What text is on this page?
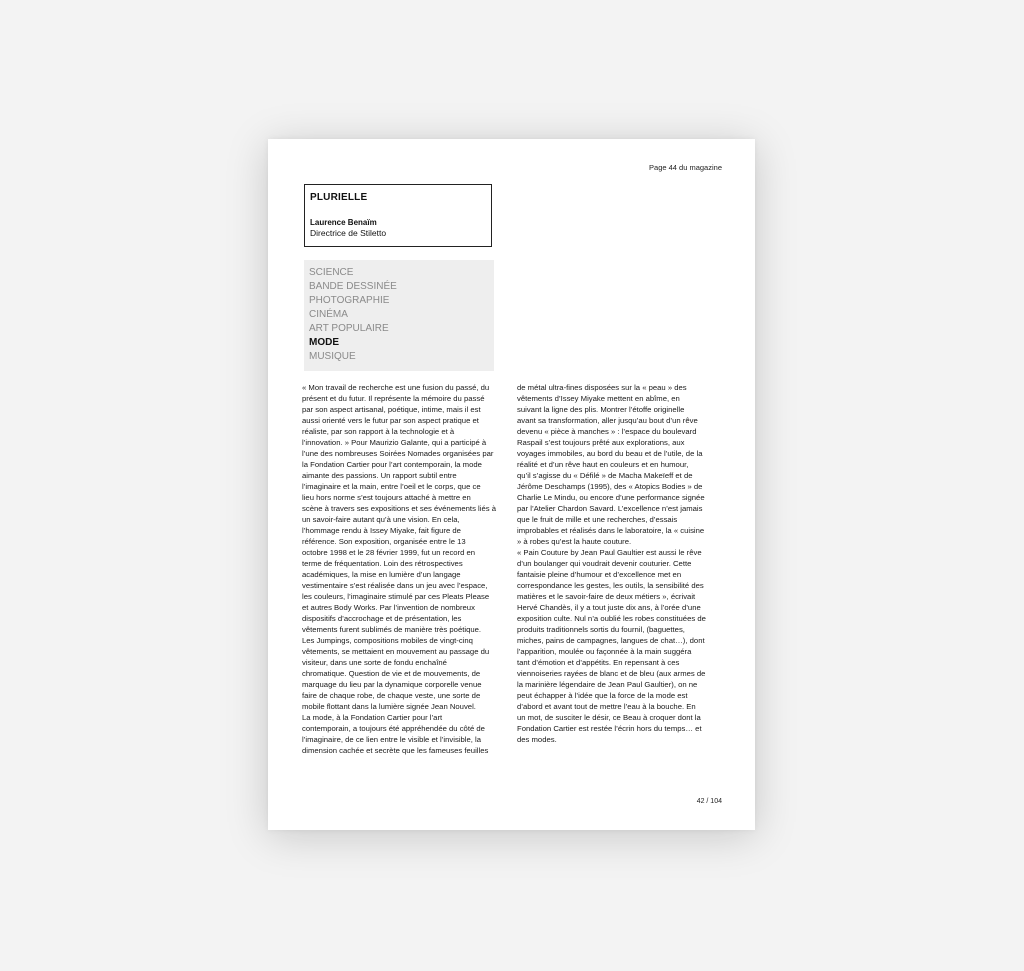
Page 44 du magazine
PLURIELLE
Laurence Benaïm
Directrice de Stiletto
SCIENCE
BANDE DESSINÉE
PHOTOGRAPHIE
CINÉMA
ART POPULAIRE
MODE
MUSIQUE
« Mon travail de recherche est une fusion du passé, du
présent et du futur. Il représente la mémoire du passé
par son aspect artisanal, poétique, intime, mais il est
aussi orienté vers le futur par son aspect pratique et
réaliste, par son rapport à la technologie et à
l’innovation. » Pour Maurizio Galante, qui a participé à
l’une des nombreuses Soirées Nomades organisées par
la Fondation Cartier pour l’art contemporain, la mode
aimante des passions. Un rapport subtil entre
l’imaginaire et la main, entre l’oeil et le corps, que ce
lieu hors norme s’est toujours attaché à mettre en
scène à travers ses expositions et ses événements liés à
un savoir-faire autant qu’à une vision. En cela,
l’hommage rendu à Issey Miyake, fait figure de
référence. Son exposition, organisée entre le 13
octobre 1998 et le 28 février 1999, fut un record en
terme de fréquentation. Loin des rétrospectives
académiques, la mise en lumière d’un langage
vestimentaire s’est réalisée dans un jeu avec l’espace,
les couleurs, l’imaginaire stimulé par ces Pleats Please
et autres Body Works. Par l’invention de nombreux
dispositifs d’accrochage et de présentation, les
vêtements furent sublimés de manière très poétique.
Les Jumpings, compositions mobiles de vingt-cinq
vêtements, se mettaient en mouvement au passage du
visiteur, dans une sorte de fondu enchaîné
chromatique. Question de vie et de mouvements, de
marquage du lieu par la dynamique corporelle venue
faire de chaque robe, de chaque veste, une sorte de
mobile flottant dans la lumière signée Jean Nouvel.
La mode, à la Fondation Cartier pour l’art
contemporain, a toujours été appréhendée du côté de
l’imaginaire, de ce lien entre le visible et l’invisible, la
dimension cachée et secrète que les fameuses feuilles
de métal ultra-fines disposées sur la « peau » des
vêtements d’Issey Miyake mettent en abîme, en
suivant la ligne des plis. Montrer l’étoffe originelle
avant sa transformation, aller jusqu’au bout d’un rêve
devenu « pièce à manches » : l’espace du boulevard
Raspail s’est toujours prêté aux explorations, aux
voyages immobiles, au bord du beau et de l’utile, de la
réalité et d’un rêve haut en couleurs et en humour,
qu’il s’agisse du « Défilé » de Macha Makeïeff et de
Jérôme Deschamps (1995), des « Atopics Bodies » de
Charlie Le Mindu, ou encore d’une performance signée
par l’Atelier Chardon Savard. L’excellence n’est jamais
que le fruit de mille et une recherches, d’essais
improbables et réalisés dans le laboratoire, la « cuisine
» à robes qu’est la haute couture.
« Pain Couture by Jean Paul Gaultier est aussi le rêve
d’un boulanger qui voudrait devenir couturier. Cette
fantaisie pleine d’humour et d’excellence met en
correspondance les gestes, les outils, la sensibilité des
matières et le savoir-faire de deux métiers », écrivait
Hervé Chandès, il y a tout juste dix ans, à l’orée d’une
exposition culte. Nul n’a oublié les robes constituées de
produits traditionnels sortis du fournil, (baguettes,
miches, pains de campagnes, langues de chat…), dont
l’apparition, moulée ou façonnée à la main suggéra
tant d’émotion et d’appétits. En repensant à ces
viennoiseries rayées de blanc et de bleu (aux armes de
la marinière légendaire de Jean Paul Gaultier), on ne
peut échapper à l’idée que la force de la mode est
d’abord et avant tout de mettre l’eau à la bouche. En
un mot, de susciter le désir, ce Beau à croquer dont la
Fondation Cartier est restée l’écrin hors du temps… et
des modes.
42 / 104
